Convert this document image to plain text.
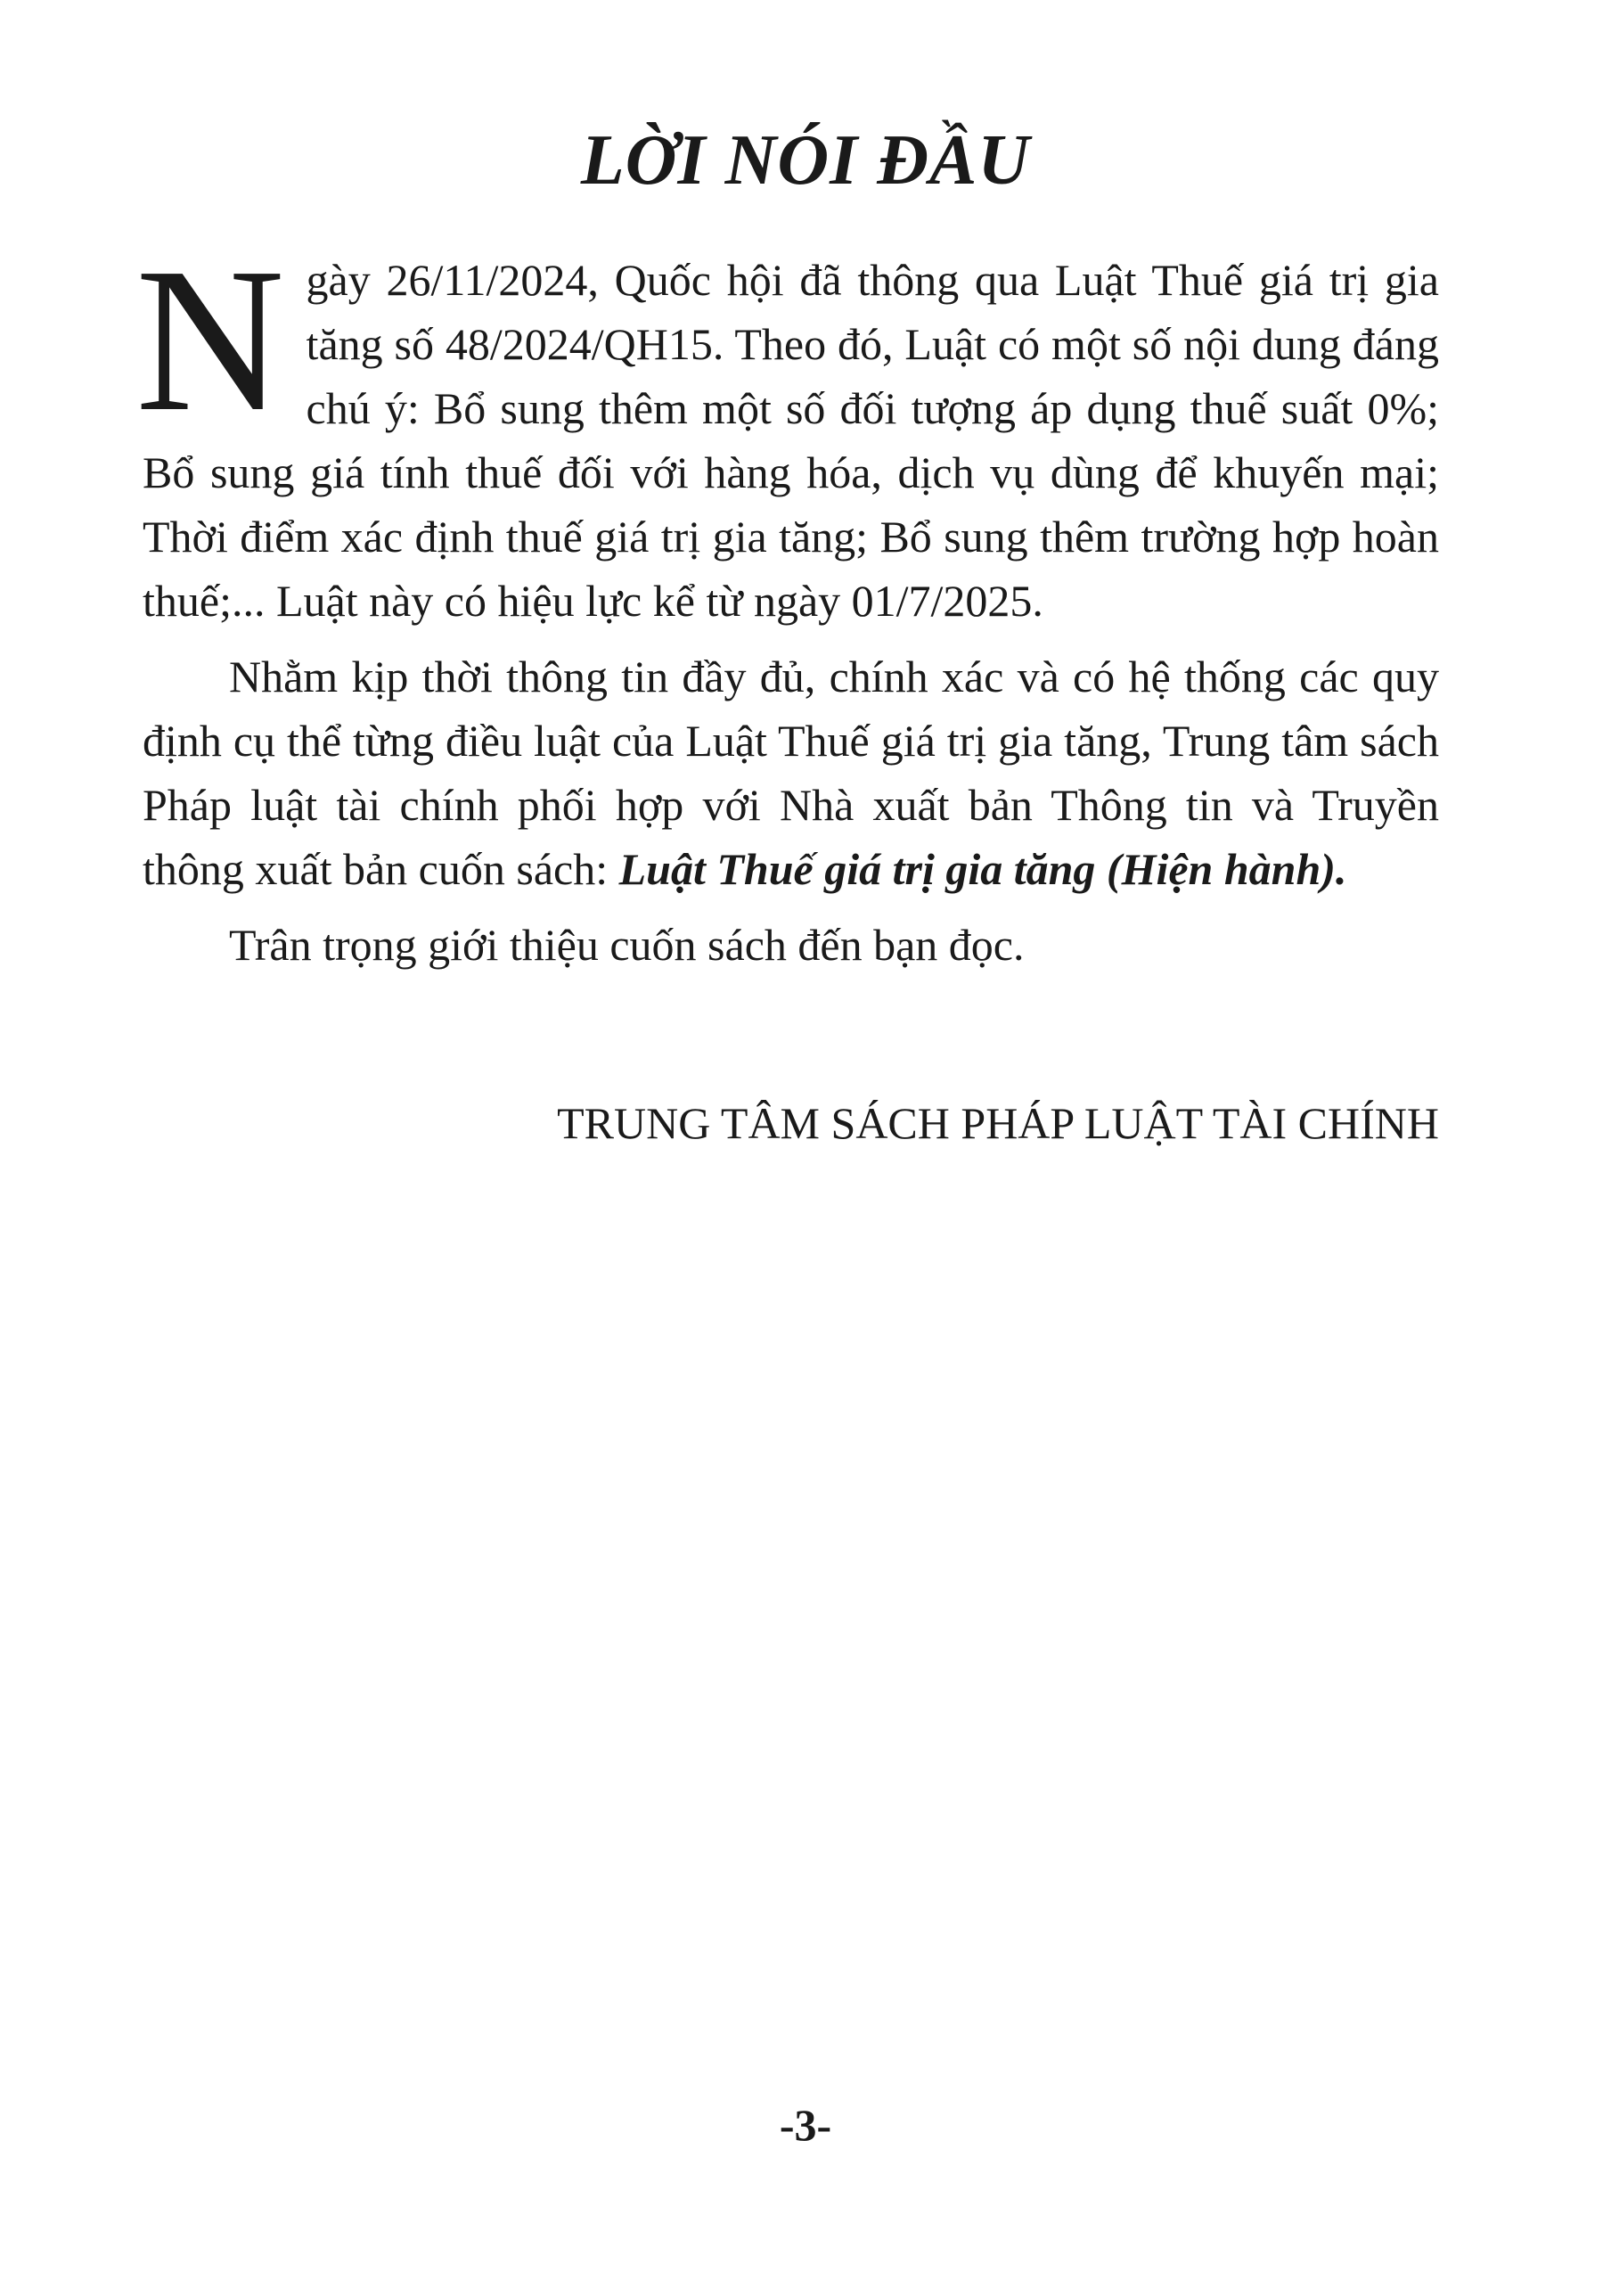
LỜI NÓI ĐẦU

Ngày 26/11/2024, Quốc hội đã thông qua Luật Thuế giá trị gia tăng số 48/2024/QH15. Theo đó, Luật có một số nội dung đáng chú ý: Bổ sung thêm một số đối tượng áp dụng thuế suất 0%; Bổ sung giá tính thuế đối với hàng hóa, dịch vụ dùng để khuyến mại; Thời điểm xác định thuế giá trị gia tăng; Bổ sung thêm trường hợp hoàn thuế;... Luật này có hiệu lực kể từ ngày 01/7/2025.

Nhằm kịp thời thông tin đầy đủ, chính xác và có hệ thống các quy định cụ thể từng điều luật của Luật Thuế giá trị gia tăng, Trung tâm sách Pháp luật tài chính phối hợp với Nhà xuất bản Thông tin và Truyền thông xuất bản cuốn sách: Luật Thuế giá trị gia tăng (Hiện hành).

Trân trọng giới thiệu cuốn sách đến bạn đọc.

TRUNG TÂM SÁCH PHÁP LUẬT TÀI CHÍNH

-3-
